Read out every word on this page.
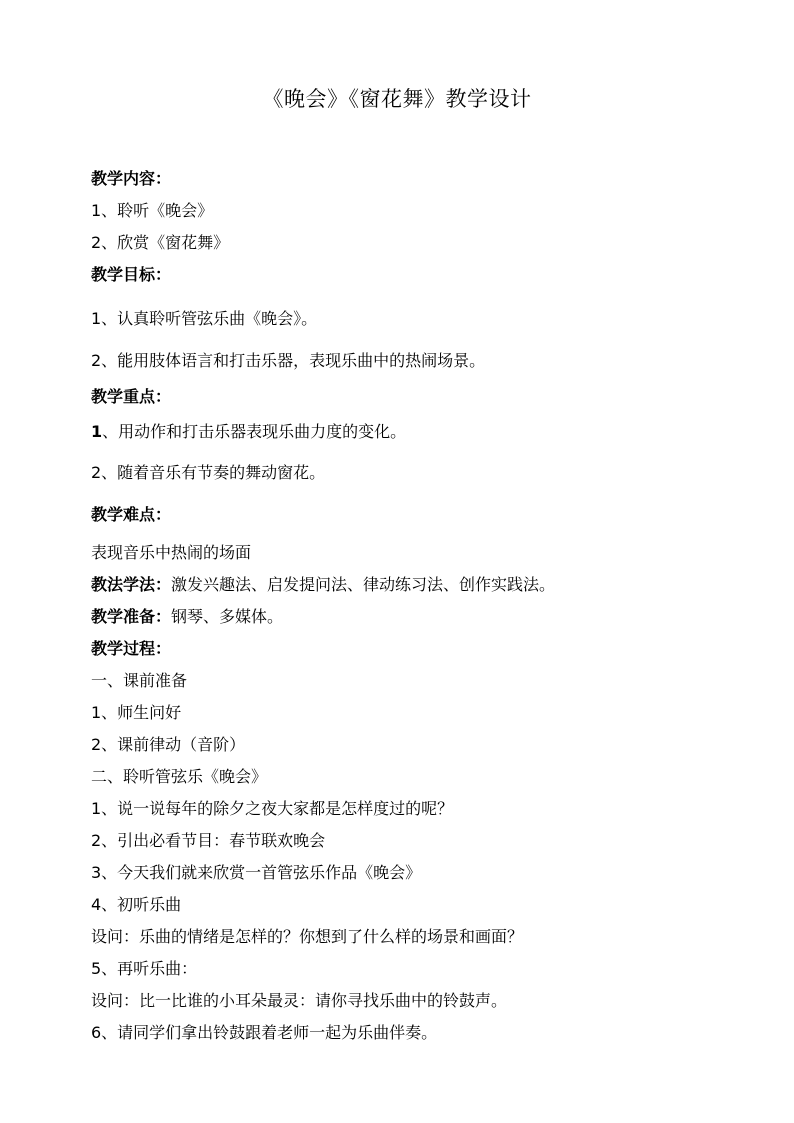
《晚会》《窗花舞》教学设计
教学内容：
1、聆听《晚会》
2、欣赏《窗花舞》
教学目标：
1、认真聆听管弦乐曲《晚会》。
2、能用肢体语言和打击乐器，表现乐曲中的热闹场景。
教学重点：
1、用动作和打击乐器表现乐曲力度的变化。
2、随着音乐有节奏的舞动窗花。
教学难点：
表现音乐中热闹的场面
教法学法：激发兴趣法、启发提问法、律动练习法、创作实践法。
教学准备：钢琴、多媒体。
教学过程：
一、课前准备
1、师生问好
2、课前律动（音阶）
二、聆听管弦乐《晚会》
1、说一说每年的除夕之夜大家都是怎样度过的呢？
2、引出必看节目：春节联欢晚会
3、今天我们就来欣赏一首管弦乐作品《晚会》
4、初听乐曲
设问：乐曲的情绪是怎样的？你想到了什么样的场景和画面？
5、再听乐曲：
设问：比一比谁的小耳朵最灵：请你寻找乐曲中的铃鼓声。
6、请同学们拿出铃鼓跟着老师一起为乐曲伴奏。
